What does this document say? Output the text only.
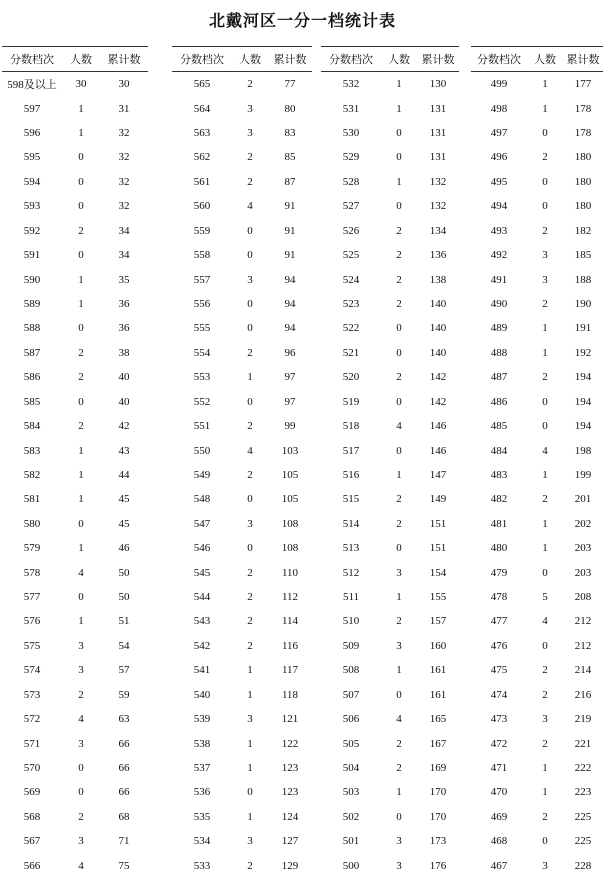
北戴河区一分一档统计表
分数档次	人数	累计数
598及以上	30	30
597	1	31
596	1	32
595	0	32
594	0	32
593	0	32
592	2	34
591	0	34
590	1	35
589	1	36
588	0	36
587	2	38
586	2	40
585	0	40
584	2	42
583	1	43
582	1	44
581	1	45
580	0	45
579	1	46
578	4	50
577	0	50
576	1	51
575	3	54
574	3	57
573	2	59
572	4	63
571	3	66
570	0	66
569	0	66
568	2	68
567	3	71
566	4	75
分数档次	人数	累计数
565	2	77
564	3	80
563	3	83
562	2	85
561	2	87
560	4	91
559	0	91
558	0	91
557	3	94
556	0	94
555	0	94
554	2	96
553	1	97
552	0	97
551	2	99
550	4	103
549	2	105
548	0	105
547	3	108
546	0	108
545	2	110
544	2	112
543	2	114
542	2	116
541	1	117
540	1	118
539	3	121
538	1	122
537	1	123
536	0	123
535	1	124
534	3	127
533	2	129
分数档次	人数	累计数
532	1	130
531	1	131
530	0	131
529	0	131
528	1	132
527	0	132
526	2	134
525	2	136
524	2	138
523	2	140
522	0	140
521	0	140
520	2	142
519	0	142
518	4	146
517	0	146
516	1	147
515	2	149
514	2	151
513	0	151
512	3	154
511	1	155
510	2	157
509	3	160
508	1	161
507	0	161
506	4	165
505	2	167
504	2	169
503	1	170
502	0	170
501	3	173
500	3	176
分数档次	人数	累计数
499	1	177
498	1	178
497	0	178
496	2	180
495	0	180
494	0	180
493	2	182
492	3	185
491	3	188
490	2	190
489	1	191
488	1	192
487	2	194
486	0	194
485	0	194
484	4	198
483	1	199
482	2	201
481	1	202
480	1	203
479	0	203
478	5	208
477	4	212
476	0	212
475	2	214
474	2	216
473	3	219
472	2	221
471	1	222
470	1	223
469	2	225
468	0	225
467	3	228
